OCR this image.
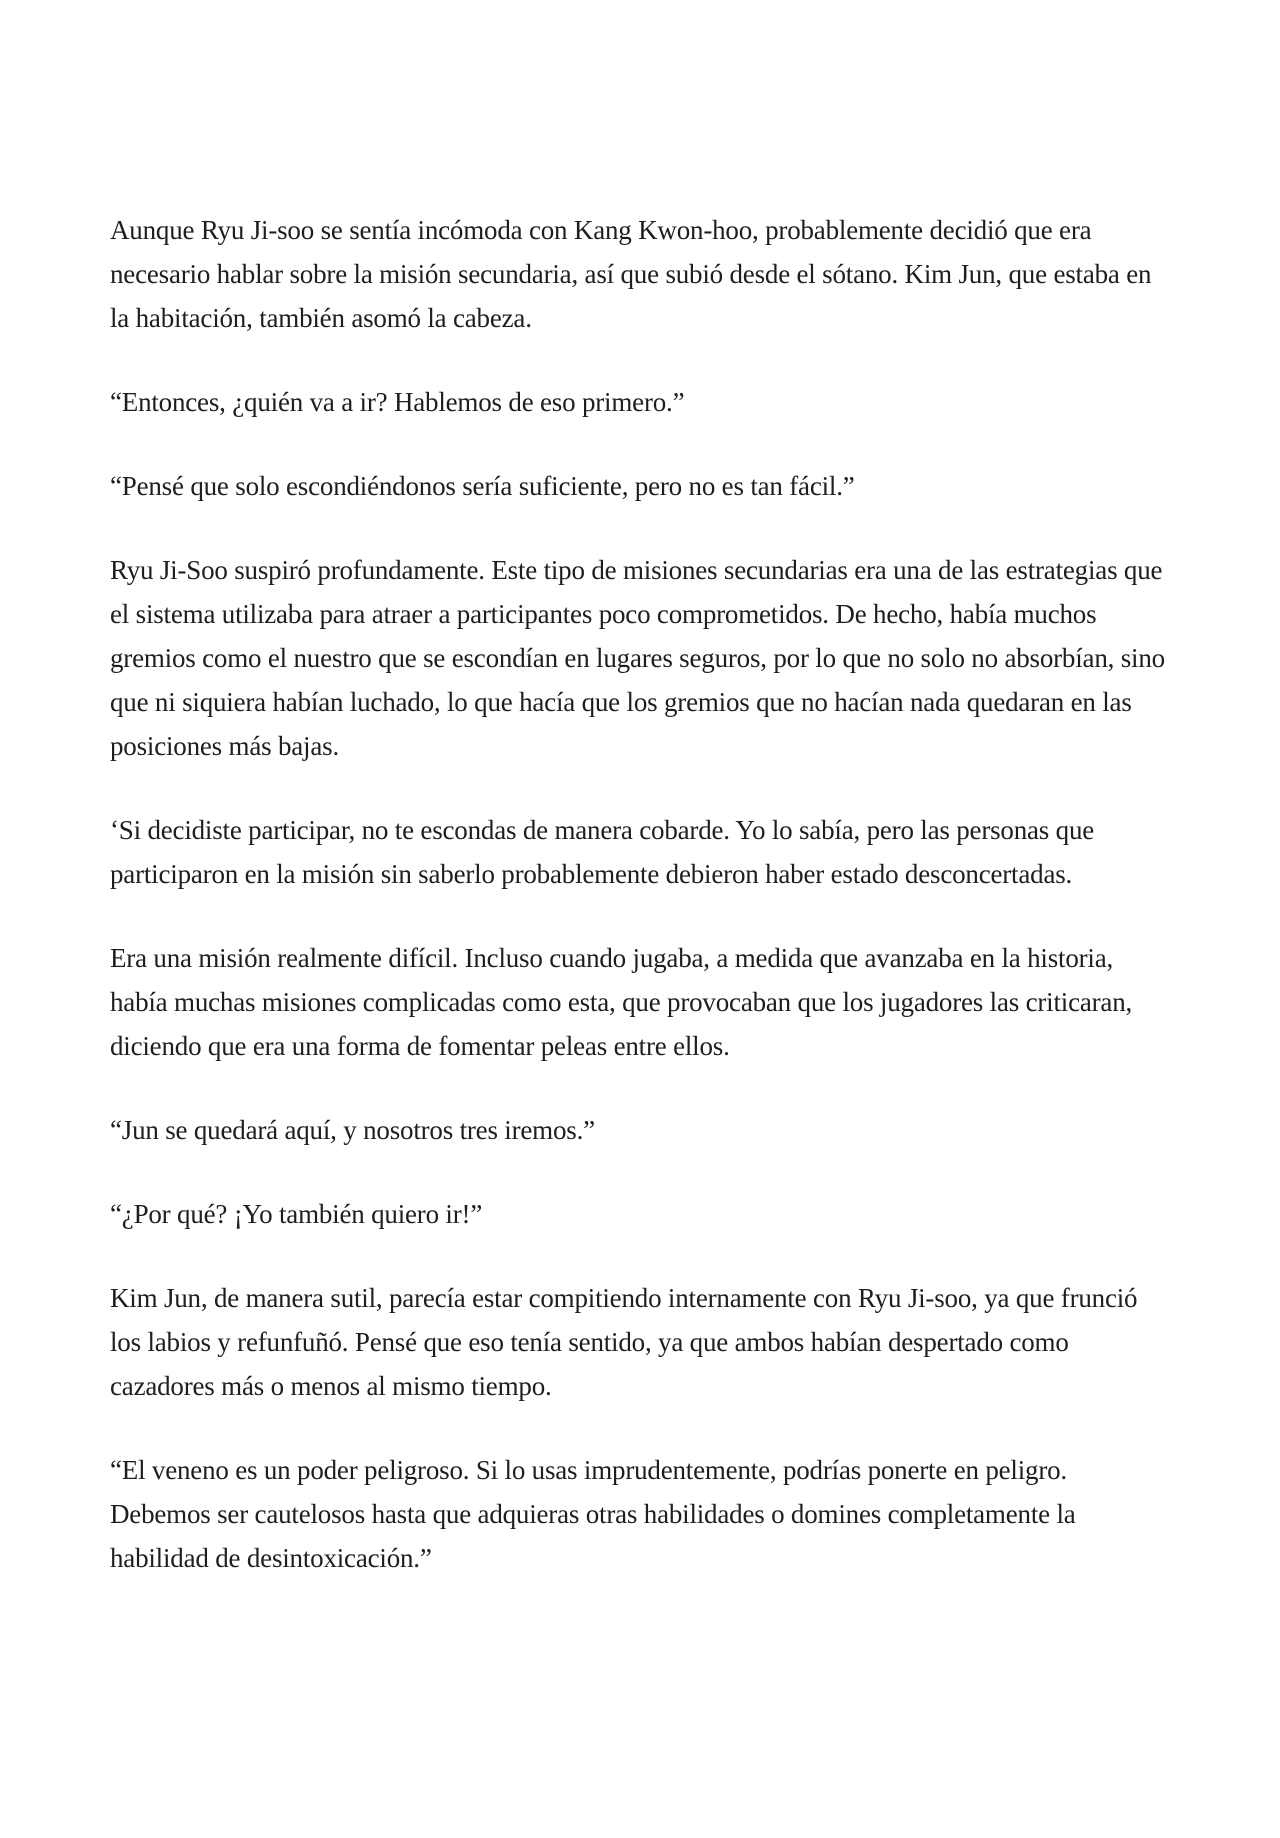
Aunque Ryu Ji-soo se sentía incómoda con Kang Kwon-hoo, probablemente decidió que era necesario hablar sobre la misión secundaria, así que subió desde el sótano. Kim Jun, que estaba en la habitación, también asomó la cabeza.

“Entonces, ¿quién va a ir? Hablemos de eso primero.”

“Pensé que solo escondiéndonos sería suficiente, pero no es tan fácil.”

Ryu Ji-Soo suspiró profundamente. Este tipo de misiones secundarias era una de las estrategias que el sistema utilizaba para atraer a participantes poco comprometidos. De hecho, había muchos gremios como el nuestro que se escondían en lugares seguros, por lo que no solo no absorbían, sino que ni siquiera habían luchado, lo que hacía que los gremios que no hacían nada quedaran en las posiciones más bajas.

‘Si decidiste participar, no te escondas de manera cobarde. Yo lo sabía, pero las personas que participaron en la misión sin saberlo probablemente debieron haber estado desconcertadas.

Era una misión realmente difícil. Incluso cuando jugaba, a medida que avanzaba en la historia, había muchas misiones complicadas como esta, que provocaban que los jugadores las criticaran, diciendo que era una forma de fomentar peleas entre ellos.

“Jun se quedará aquí, y nosotros tres iremos.”

“¿Por qué? ¡Yo también quiero ir!”

Kim Jun, de manera sutil, parecía estar compitiendo internamente con Ryu Ji-soo, ya que frunció los labios y refunfuñó. Pensé que eso tenía sentido, ya que ambos habían despertado como cazadores más o menos al mismo tiempo.

“El veneno es un poder peligroso. Si lo usas imprudentemente, podrías ponerte en peligro. Debemos ser cautelosos hasta que adquieras otras habilidades o domines completamente la habilidad de desintoxicación.”
